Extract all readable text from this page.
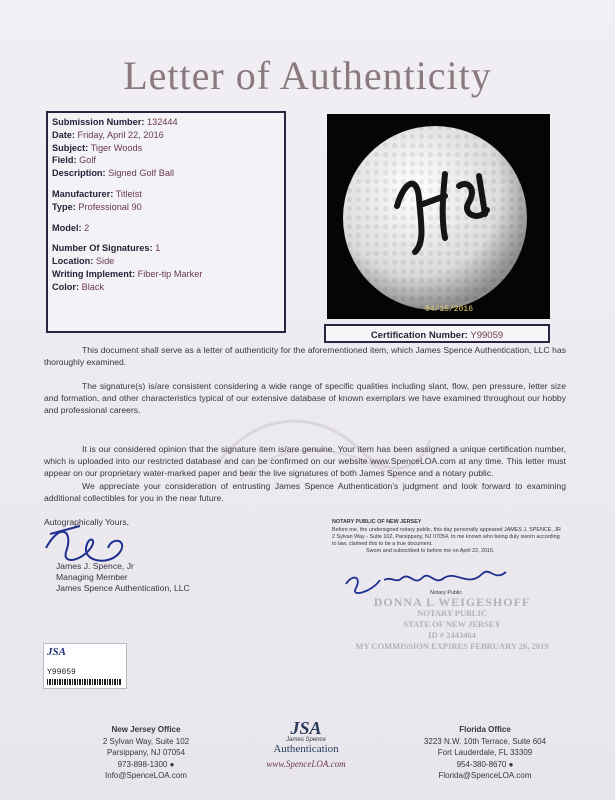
Letter of Authenticity
Submission Number: 132444
Date: Friday, April 22, 2016
Subject: Tiger Woods
Field: Golf
Description: Signed Golf Ball
Manufacturer: Titleist
Type: Professional 90
Model: 2
Number Of Signatures: 1
Location: Side
Writing Implement: Fiber-tip Marker
Color: Black
04/15/2016
Certification Number: Y99059
This document shall serve as a letter of authenticity for the aforementioned item, which James Spence Authentication, LLC has thoroughly examined.
The signature(s) is/are consistent considering a wide range of specific qualities including slant, flow, pen pressure, letter size and formation, and other characteristics typical of our extensive database of known exemplars we have examined throughout our hobby and professional careers.
It is our considered opinion that the signature item is/are genuine. Your item has been assigned a unique certification number, which is uploaded into our restricted database and can be confirmed on our website www.SpenceLOA.com at any time. This letter must appear on our proprietary water-marked paper and bear the live signatures of both James Spence and a notary public.
We appreciate your consideration of entrusting James Spence Authentication’s judgment and look forward to examining additional collectibles for you in the near future.
Autographically Yours,
James J. Spence, Jr
Managing Member
James Spence Authentication, LLC
NOTARY PUBLIC OF NEW JERSEY
Before me, the undersigned notary public, this day personally appeared JAMES J. SPENCE, JR 2 Sylvan Way - Suite 102, Parsippany, NJ 07054, to me known who being duly sworn according to law, claimed this to be a true document.
Sworn and subscribed to before me on April 22, 2016.
Notary Public
DONNA L WEIGESHOFF
NOTARY PUBLIC
STATE OF NEW JERSEY
ID # 2443464
MY COMMISSION EXPIRES FEBRUARY 26, 2019
JSA
Y99059
New Jersey Office
2 Sylvan Way, Suite 102
Parsippany, NJ 07054
973-898-1300 ● Info@SpenceLOA.com
JSA
James Spence
Authentication
www.SpenceLOA.com
Florida Office
3223 N.W. 10th Terrace, Suite 604
Fort Lauderdale, FL 33309
954-380-8670 ● Florida@SpenceLOA.com
